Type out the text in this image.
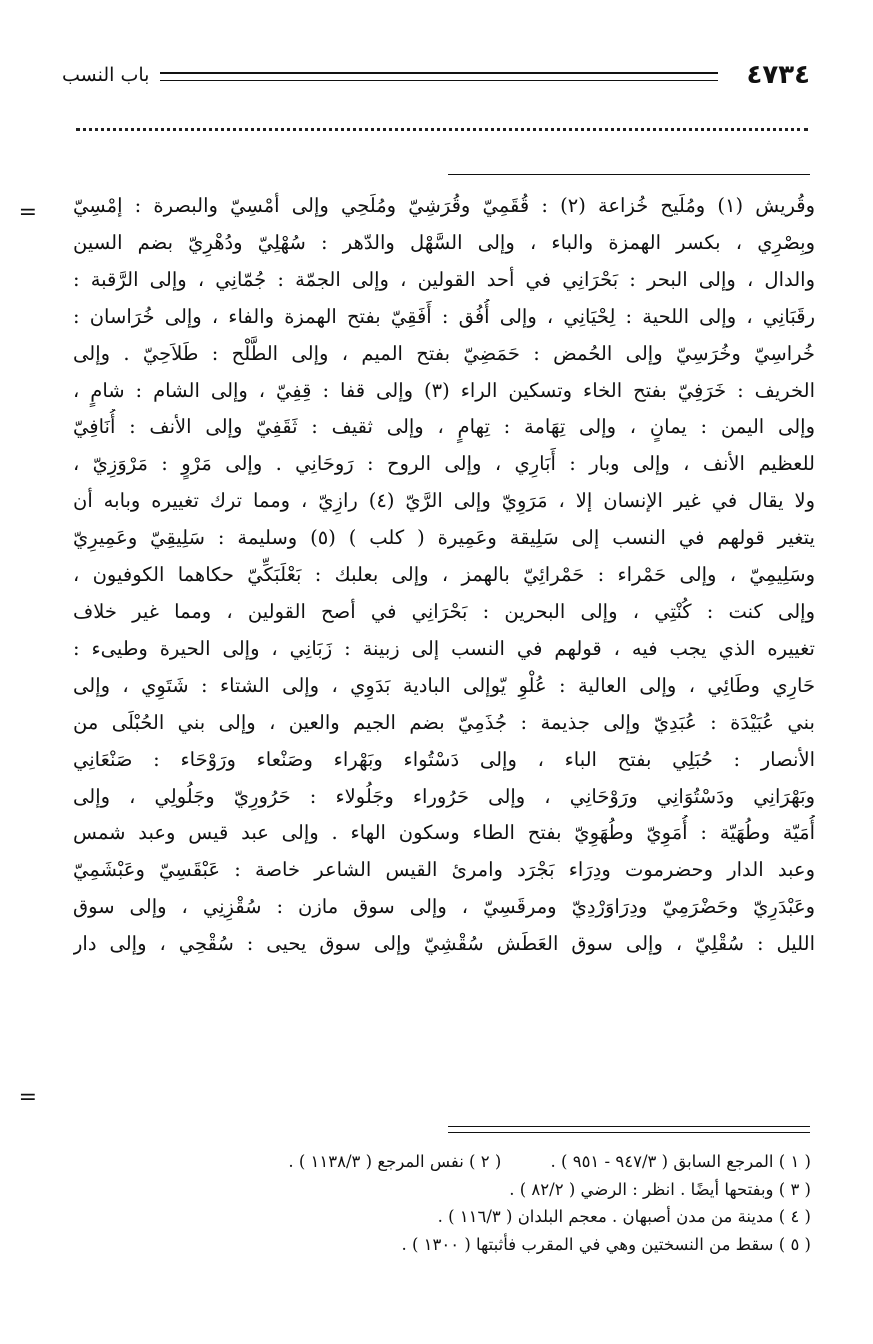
٤٧٣٤
باب النسب
= وقُريش (١) ومُلَيح خُزاعة (٢) : قُقَمِيّ وقُرَشِيّ ومُلَحِي وإلى أمْسِيّ والبصرة : إمْسِيّ
وبِصْرِي ، بكسر الهمزة والباء ، وإلى السَّهْل والدّهر : سُهْلِيّ ودُهْرِيّ بضم السين
والدال ، وإلى البحر : بَحْرَانِي في أحد القولين ، وإلى الجمّة : جُمّانِي ، وإلى الرَّقبة :
رقَبَانِي ، وإلى اللحية : لِحْيَانِي ، وإلى أُفُق : أَفَقِيّ بفتح الهمزة والفاء ، وإلى خُرَاسان :
خُراسِيّ وخُرَسِيّ وإلى الحُمض : حَمَضِيّ بفتح الميم ، وإلى الطَّلْح : طَلاَحِيّ . وإلى
الخريف : خَرَفِيّ بفتح الخاء وتسكين الراء (٣) وإلى قفا : قِفِيّ ، وإلى الشام : شامٍ ،
وإلى اليمن : يمانٍ ، وإلى تِهَامة : تِهامٍ ، وإلى ثقيف : ثَقَفِيّ وإلى الأنف : أُنَافِيّ
للعظيم الأنف ، وإلى وبار : أَبَارِي ، وإلى الروح : رَوحَانِي . وإلى مَرْوٍ : مَرْوَزِيّ ،
ولا يقال في غير الإنسان إلا ، مَرَوِيّ وإلى الرَّيّ (٤) رازِيّ ، ومما ترك تغييره وبابه أن
يتغير قولهم في النسب إلى سَلِيقة وعَمِيرة ( كلب ) (٥) وسليمة : سَلِيقِيّ وعَمِيرِيّ
وسَلِيمِيّ ، وإلى حَمْراء : حَمْرائِيّ بالهمز ، وإلى بعلبك : بَعْلَبَكِّيّ حكاهما الكوفيون ،
وإلى كنت : كُنْتِي ، وإلى البحرين : بَحْرَانِي في أصح القولين ، ومما غير خلاف
تغييره الذي يجب فيه ، قولهم في النسب إلى زبينة : زَبَانِي ، وإلى الحيرة وطيىء :
حَارِي وطَائِي ، وإلى العالية : عُلْوِ يّوإلى البادية بَدَوِي ، وإلى الشتاء : شَتَوِي ، وإلى
بني عُبَيْدَة : عُبَدِيّ وإلى جذيمة : جُذَمِيّ بضم الجيم والعين ، وإلى بني الحُبْلَى من
الأنصار : حُبَلِي بفتح الباء ، وإلى دَسْتُواء وبَهْراء وصَنْعاء ورَوْحَاء : صَنْعَانِي
وبَهْرَانِي ودَسْتُوَانِي ورَوْحَانِي ، وإلى حَرُوراء وجَلُولاء : حَرُورِيّ وجَلُولِي ، وإلى
أُمَيّة وطُهَيّة : أُمَوِيّ وطُهَوِيّ بفتح الطاء وسكون الهاء . وإلى عبد قيس وعبد شمس
وعبد الدار وحضرموت ودِرَاء بَجْرَد وامرئ القيس الشاعر خاصة : عَبْقَسِيّ وعَبْشَمِيّ
وعَبْدَرِيّ وحَضْرَمِيّ ودِرَاوَرْدِيّ ومرقَسِيّ ، وإلى سوق مازن : سُقْزِنِي ، وإلى سوق
الليل : سُقْلِيّ ، وإلى سوق العَطَش سُقْشِيّ وإلى سوق يحيى : سُقْحِي ، وإلى دار
=
( ١ ) المرجع السابق ( ٩٤٧/٣ - ٩٥١ ) . ( ٢ ) نفس المرجع ( ١١٣٨/٣ ) .
( ٣ ) وبفتحها أيضًا . انظر : الرضي ( ٨٢/٢ ) .
( ٤ ) مدينة من مدن أصبهان . معجم البلدان ( ١١٦/٣ ) .
( ٥ ) سقط من النسختين وهي في المقرب فأثبتها ( ١٣٠٠ ) .
